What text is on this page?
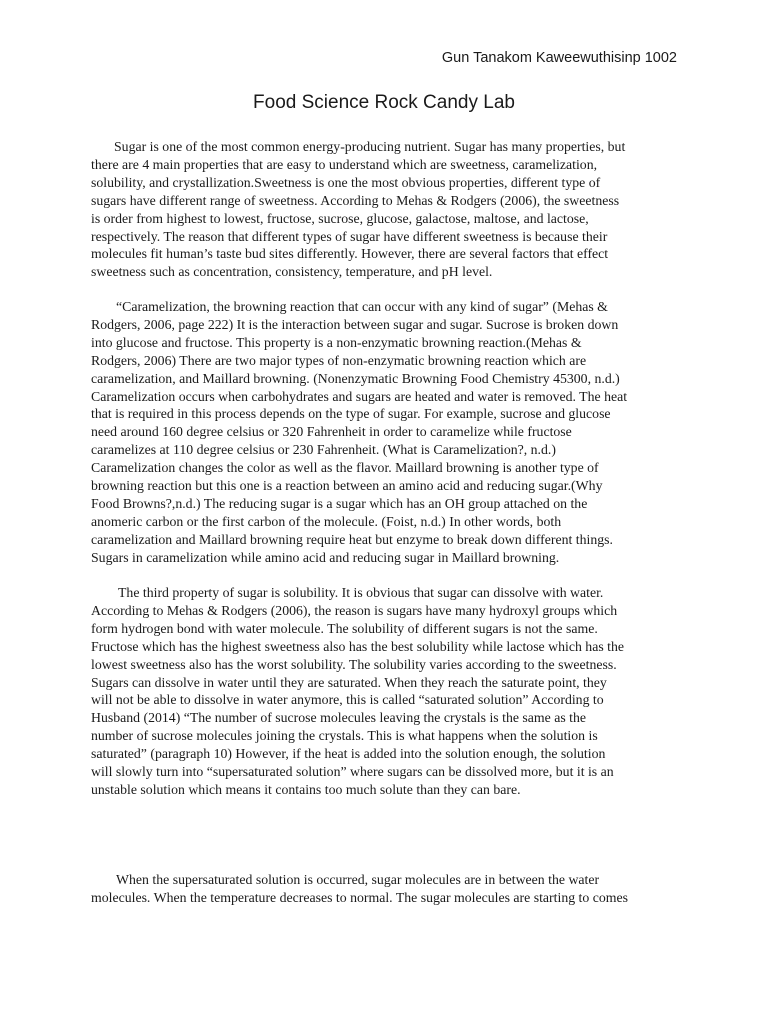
Gun Tanakom Kaweewuthisinp 1002
Food Science Rock Candy Lab
Sugar is one of the most common energy-producing nutrient. Sugar has many properties, but
there are 4 main properties that are easy to understand which are sweetness, caramelization,
solubility, and crystallization.Sweetness is one the most obvious properties, different type of
sugars have different range of sweetness. According to Mehas & Rodgers (2006), the sweetness
is order from highest to lowest, fructose, sucrose, glucose, galactose, maltose, and lactose,
respectively. The reason that different types of sugar have different sweetness is because their
molecules fit human’s taste bud sites differently. However, there are several factors that effect
sweetness such as concentration, consistency, temperature, and pH level.
“Caramelization, the browning reaction that can occur with any kind of sugar” (Mehas &
Rodgers, 2006, page 222) It is the interaction between sugar and sugar. Sucrose is broken down
into glucose and fructose. This property is a non-enzymatic browning reaction.(Mehas &
Rodgers, 2006) There are two major types of non-enzymatic browning reaction which are
caramelization, and Maillard browning. (Nonenzymatic Browning Food Chemistry 45300, n.d.)
Caramelization occurs when carbohydrates and sugars are heated and water is removed. The heat
that is required in this process depends on the type of sugar. For example, sucrose and glucose
need around 160 degree celsius or 320 Fahrenheit in order to caramelize while fructose
caramelizes at 110 degree celsius or 230 Fahrenheit. (What is Caramelization?, n.d.)
Caramelization changes the color as well as the flavor. Maillard browning is another type of
browning reaction but this one is a reaction between an amino acid and reducing sugar.(Why
Food Browns?,n.d.) The reducing sugar is a sugar which has an OH group attached on the
anomeric carbon or the first carbon of the molecule. (Foist, n.d.) In other words, both
caramelization and Maillard browning require heat but enzyme to break down different things.
Sugars in caramelization while amino acid and reducing sugar in Maillard browning.
The third property of sugar is solubility. It is obvious that sugar can dissolve with water.
According to Mehas & Rodgers (2006), the reason is sugars have many hydroxyl groups which
form hydrogen bond with water molecule. The solubility of different sugars is not the same.
Fructose which has the highest sweetness also has the best solubility while lactose which has the
lowest sweetness also has the worst solubility. The solubility varies according to the sweetness.
Sugars can dissolve in water until they are saturated. When they reach the saturate point, they
will not be able to dissolve in water anymore, this is called “saturated solution” According to
Husband (2014) “The number of sucrose molecules leaving the crystals is the same as the
number of sucrose molecules joining the crystals. This is what happens when the solution is
saturated” (paragraph 10) However, if the heat is added into the solution enough, the solution
will slowly turn into “supersaturated solution” where sugars can be dissolved more, but it is an
unstable solution which means it contains too much solute than they can bare.
When the supersaturated solution is occurred, sugar molecules are in between the water
molecules. When the temperature decreases to normal. The sugar molecules are starting to comes
